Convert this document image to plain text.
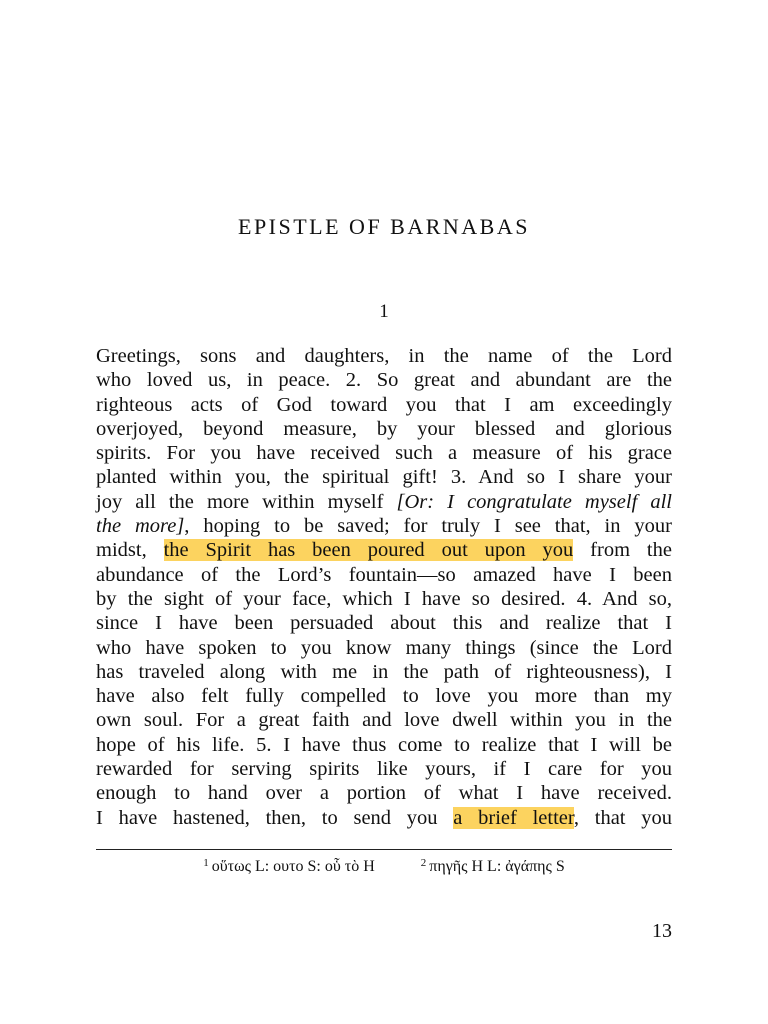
EPISTLE OF BARNABAS
1
Greetings, sons and daughters, in the name of the Lord
who loved us, in peace. 2. So great and abundant are the
righteous acts of God toward you that I am exceedingly
overjoyed, beyond measure, by your blessed and glorious
spirits. For you have received such a measure of his grace
planted within you, the spiritual gift! 3. And so I share your
joy all the more within myself [Or: I congratulate myself all
the more], hoping to be saved; for truly I see that, in your
midst, the Spirit has been poured out upon you from the
abundance of the Lord’s fountain—so amazed have I been
by the sight of your face, which I have so desired. 4. And so,
since I have been persuaded about this and realize that I
who have spoken to you know many things (since the Lord
has traveled along with me in the path of righteousness), I
have also felt fully compelled to love you more than my
own soul. For a great faith and love dwell within you in the
hope of his life. 5. I have thus come to realize that I will be
rewarded for serving spirits like yours, if I care for you
enough to hand over a portion of what I have received.
I have hastened, then, to send you a brief letter, that you
$^1$ οὕτως L: ουτο S: οὗ τὸ H	$^2$ πηγῆς H L: ἀγάπης S
13
